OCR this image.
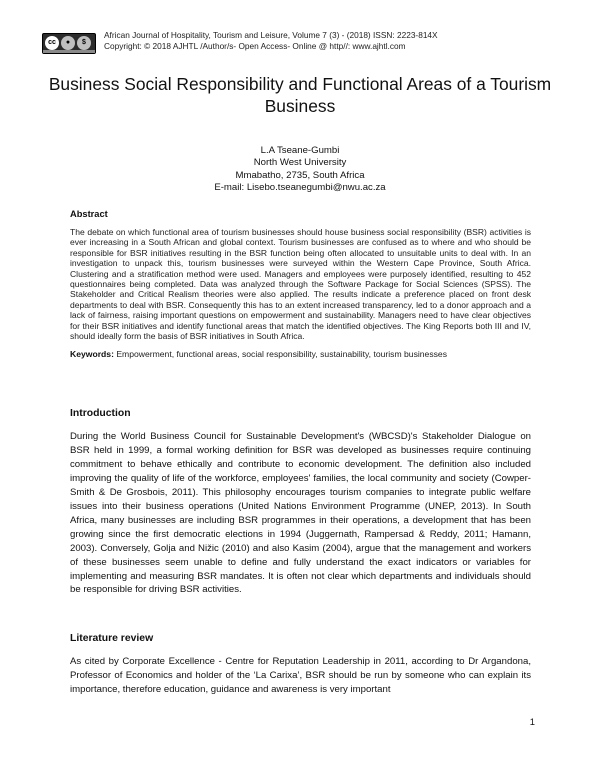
cc	●	$
African Journal of Hospitality, Tourism and Leisure, Volume 7 (3) - (2018) ISSN: 2223-814X
Copyright: © 2018 AJHTL /Author/s- Open Access- Online @ http//: www.ajhtl.com
Business Social Responsibility and Functional Areas of a Tourism Business
L.A Tseane-Gumbi
North West University
Mmabatho, 2735, South Africa
E-mail: Lisebo.tseanegumbi@nwu.ac.za
Abstract
The debate on which functional area of tourism businesses should house business social responsibility (BSR) activities is ever increasing in a South African and global context. Tourism businesses are confused as to where and who should be responsible for BSR initiatives resulting in the BSR function being often allocated to unsuitable units to deal with. In an investigation to unpack this, tourism businesses were surveyed within the Western Cape Province, South Africa. Clustering and a stratification method were used. Managers and employees were purposely identified, resulting to 452 questionnaires being completed. Data was analyzed through the Software Package for Social Sciences (SPSS). The Stakeholder and Critical Realism theories were also applied. The results indicate a preference placed on front desk departments to deal with BSR. Consequently this has to an extent increased transparency, led to a donor approach and a lack of fairness, raising important questions on empowerment and sustainability. Managers need to have clear objectives for their BSR initiatives and identify functional areas that match the identified objectives. The King Reports both III and IV, should ideally form the basis of BSR initiatives in South Africa.
Keywords: Empowerment, functional areas, social responsibility, sustainability, tourism businesses
Introduction
During the World Business Council for Sustainable Development's (WBCSD)'s Stakeholder Dialogue on BSR held in 1999, a formal working definition for BSR was developed as businesses require continuing commitment to behave ethically and contribute to economic development. The definition also included improving the quality of life of the workforce, employees' families, the local community and society (Cowper-Smith & De Grosbois, 2011). This philosophy encourages tourism companies to integrate public welfare issues into their business operations (United Nations Environment Programme (UNEP, 2013). In South Africa, many businesses are including BSR programmes in their operations, a development that has been growing since the first democratic elections in 1994 (Juggernath, Rampersad & Reddy, 2011; Hamann, 2003). Conversely, Golja and Nižic (2010) and also Kasim (2004), argue that the management and workers of these businesses seem unable to define and fully understand the exact indicators or variables for implementing and measuring BSR mandates. It is often not clear which departments and individuals should be responsible for driving BSR activities.
Literature review
As cited by Corporate Excellence - Centre for Reputation Leadership in 2011, according to Dr Argandona, Professor of Economics and holder of the ‘La Carixa’, BSR should be run by someone who can explain its importance, therefore education, guidance and awareness is very important
1
